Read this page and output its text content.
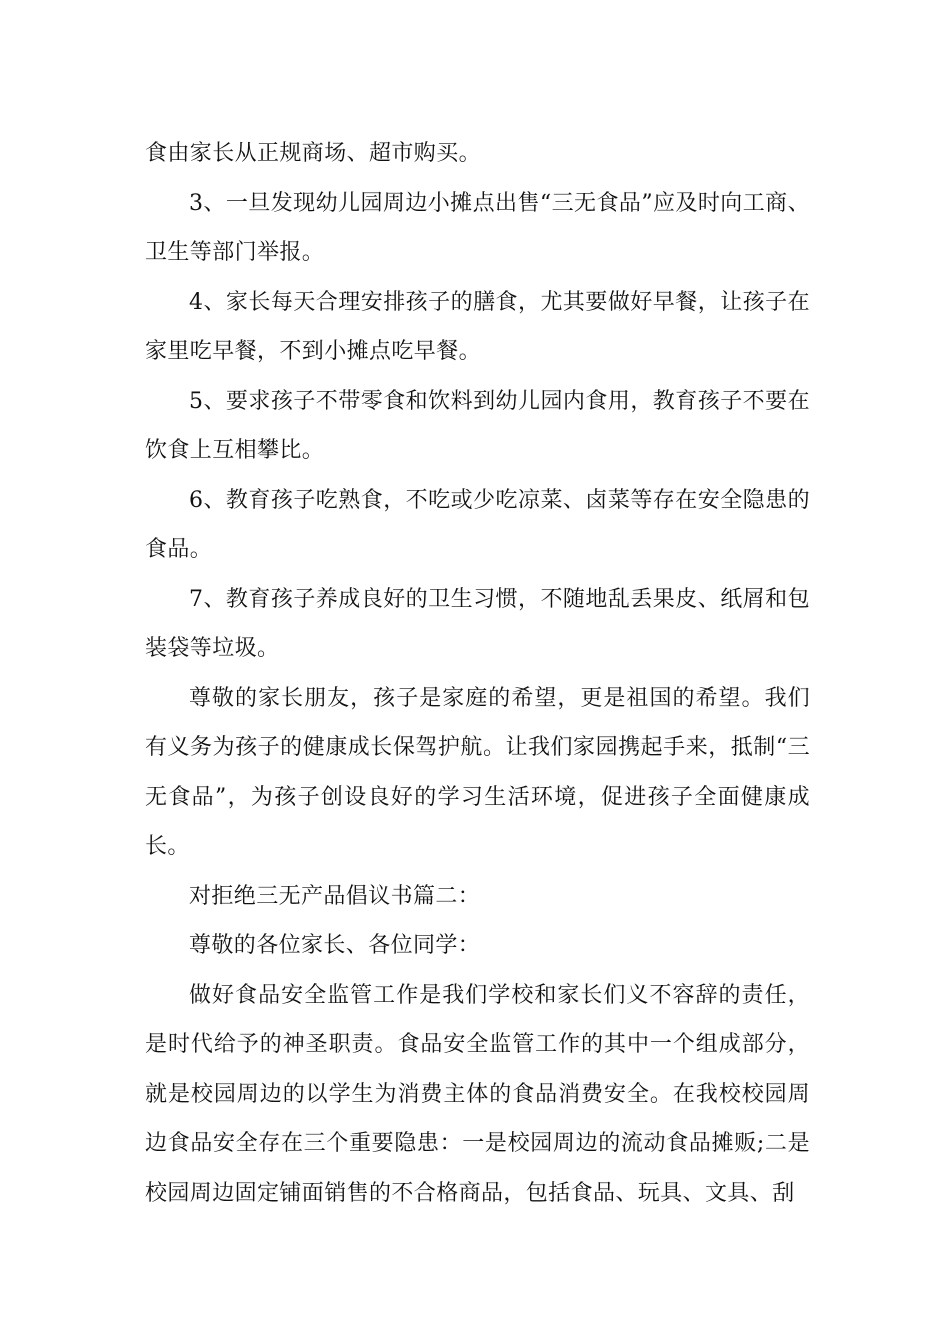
食由家长从正规商场、超市购买。

3、一旦发现幼儿园周边小摊点出售“三无食品”应及时向工商、卫生等部门举报。

4、家长每天合理安排孩子的膳食，尤其要做好早餐，让孩子在家里吃早餐，不到小摊点吃早餐。

5、要求孩子不带零食和饮料到幼儿园内食用，教育孩子不要在饮食上互相攀比。

6、教育孩子吃熟食，不吃或少吃凉菜、卤菜等存在安全隐患的食品。

7、教育孩子养成良好的卫生习惯，不随地乱丢果皮、纸屑和包装袋等垃圾。

尊敬的家长朋友，孩子是家庭的希望，更是祖国的希望。我们有义务为孩子的健康成长保驾护航。让我们家园携起手来，抵制“三无食品”，为孩子创设良好的学习生活环境，促进孩子全面健康成长。

对拒绝三无产品倡议书篇二：

尊敬的各位家长、各位同学：

做好食品安全监管工作是我们学校和家长们义不容辞的责任，是时代给予的神圣职责。食品安全监管工作的其中一个组成部分，就是校园周边的以学生为消费主体的食品消费安全。在我校校园周边食品安全存在三个重要隐患：一是校园周边的流动食品摊贩;二是校园周边固定铺面销售的不合格商品，包括食品、玩具、文具、刮
